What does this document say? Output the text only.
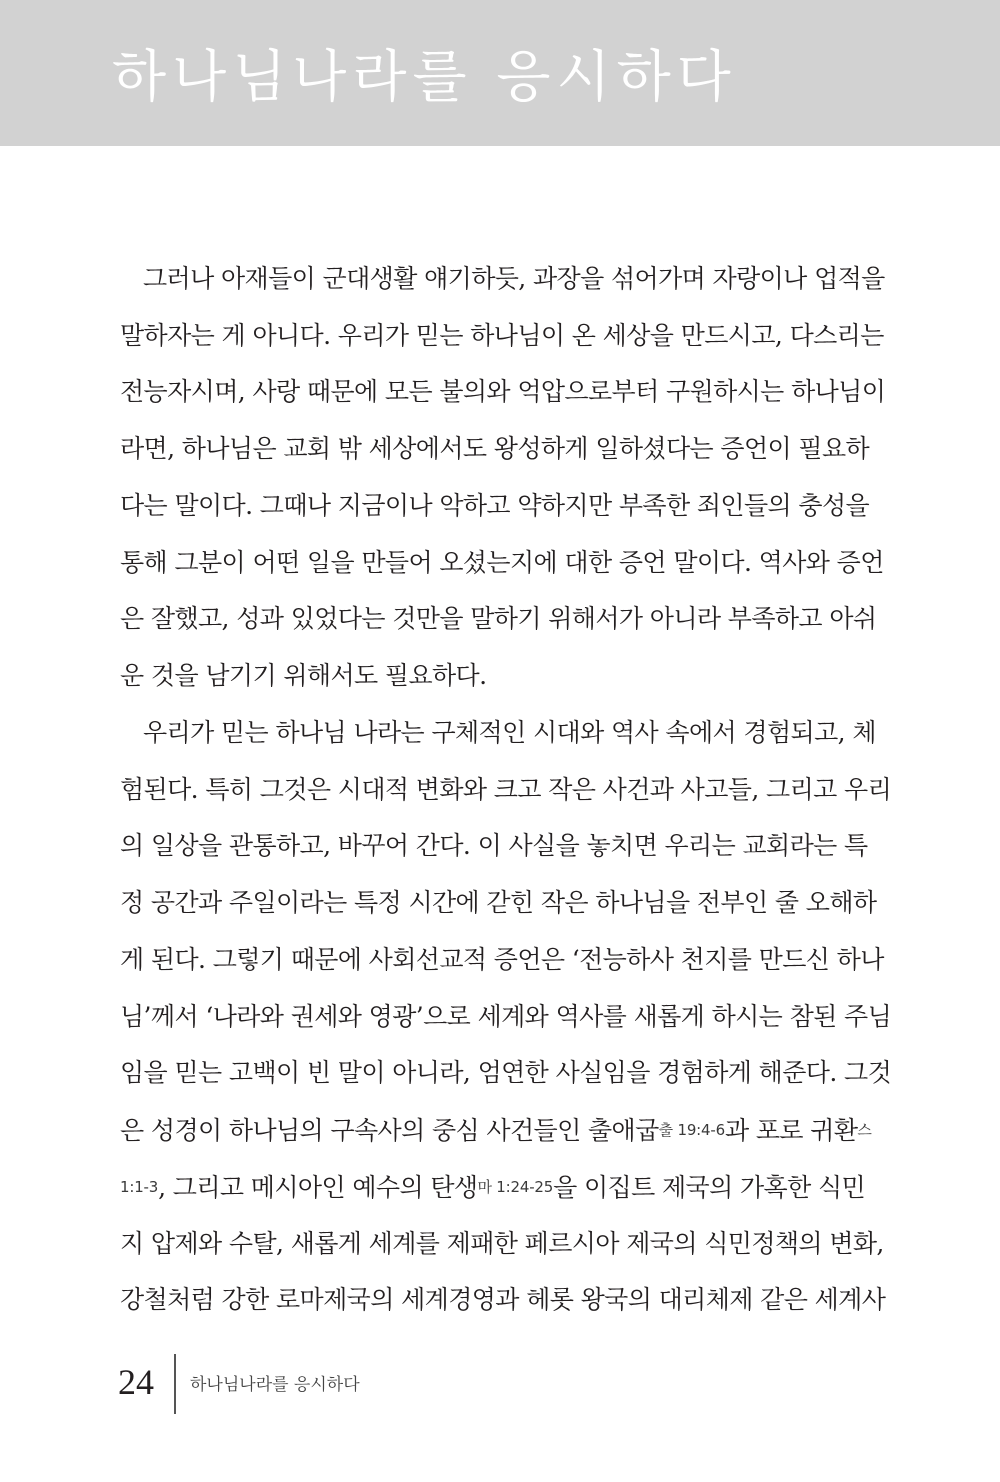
하나님나라를 응시하다
그러나 아재들이 군대생활 얘기하듯, 과장을 섞어가며 자랑이나 업적을
말하자는 게 아니다. 우리가 믿는 하나님이 온 세상을 만드시고, 다스리는
전능자시며, 사랑 때문에 모든 불의와 억압으로부터 구원하시는 하나님이
라면, 하나님은 교회 밖 세상에서도 왕성하게 일하셨다는 증언이 필요하
다는 말이다. 그때나 지금이나 악하고 약하지만 부족한 죄인들의 충성을
통해 그분이 어떤 일을 만들어 오셨는지에 대한 증언 말이다. 역사와 증언
은 잘했고, 성과 있었다는 것만을 말하기 위해서가 아니라 부족하고 아쉬
운 것을 남기기 위해서도 필요하다.
우리가 믿는 하나님 나라는 구체적인 시대와 역사 속에서 경험되고, 체
험된다. 특히 그것은 시대적 변화와 크고 작은 사건과 사고들, 그리고 우리
의 일상을 관통하고, 바꾸어 간다. 이 사실을 놓치면 우리는 교회라는 특
정 공간과 주일이라는 특정 시간에 갇힌 작은 하나님을 전부인 줄 오해하
게 된다. 그렇기 때문에 사회선교적 증언은 ‘전능하사 천지를 만드신 하나
님’께서 ‘나라와 권세와 영광’으로 세계와 역사를 새롭게 하시는 참된 주님
임을 믿는 고백이 빈 말이 아니라, 엄연한 사실임을 경험하게 해준다. 그것
은 성경이 하나님의 구속사의 중심 사건들인 출애굽출 19:4-6과 포로 귀환스
1:1-3, 그리고 메시아인 예수의 탄생마 1:24-25을 이집트 제국의 가혹한 식민
지 압제와 수탈, 새롭게 세계를 제패한 페르시아 제국의 식민정책의 변화,
강철처럼 강한 로마제국의 세계경영과 헤롯 왕국의 대리체제 같은 세계사
24 하나님나라를 응시하다
